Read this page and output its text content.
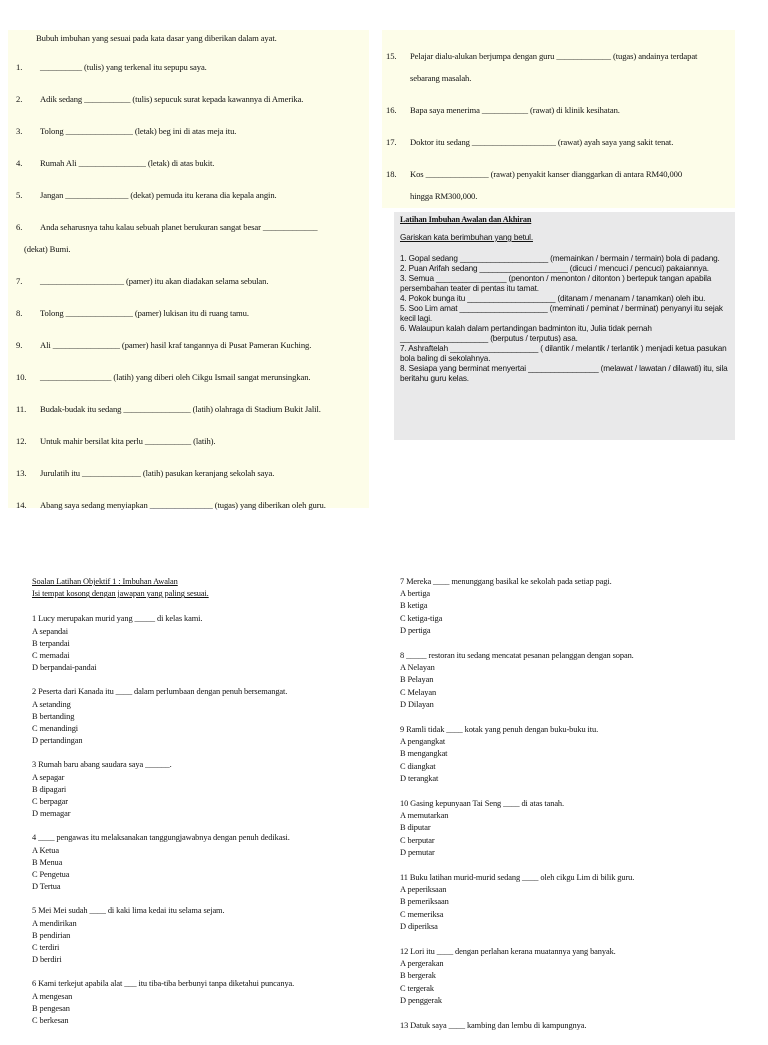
Bubuh imbuhan yang sesuai pada kata dasar yang diberikan dalam ayat.
1.	__________ (tulis) yang terkenal itu sepupu saya.
2.	Adik sedang ___________ (tulis) sepucuk surat kepada kawannya di Amerika.
3.	Tolong ________________ (letak) beg ini di atas meja itu.
4.	Rumah Ali ________________ (letak) di atas bukit.
5.	Jangan _______________ (dekat) pemuda itu kerana dia kepala angin.
6.	Anda seharusnya tahu kalau sebuah planet berukuran sangat besar _____________
(dekat) Bumi.
7.	____________________ (pamer) itu akan diadakan selama sebulan.
8.	Tolong ________________ (pamer) lukisan itu di ruang tamu.
9.	Ali ________________ (pamer) hasil kraf tangannya di Pusat Pameran Kuching.
10.	_________________ (latih) yang diberi oleh Cikgu Ismail sangat merunsingkan.
11.	Budak-budak itu sedang ________________ (latih) olahraga di Stadium Bukit Jalil.
12.	Untuk mahir bersilat kita perlu ___________ (latih).
13.	Jurulatih itu ______________ (latih) pasukan keranjang sekolah saya.
14.	Abang saya sedang menyiapkan _______________ (tugas) yang diberikan oleh guru.
15.	Pelajar dialu-alukan berjumpa dengan guru _____________ (tugas) andainya terdapat
sebarang masalah.
16.	Bapa saya menerima ___________ (rawat) di klinik kesihatan.
17.	Doktor itu sedang ____________________ (rawat) ayah saya yang sakit tenat.
18.	Kos _______________ (rawat) penyakit kanser dianggarkan di antara RM40,000
hingga RM300,000.
Latihan Imbuhan Awalan dan Akhiran
Gariskan kata berimbuhan yang betul.
1. Gopal sedang ____________________ (memainkan / bermain / termain) bola di padang.
2. Puan Arifah sedang ____________________ (dicuci / mencuci / pencuci) pakaiannya.
3. Semua ________________ (penonton / menonton / ditonton ) bertepuk tangan apabila persembahan teater di pentas itu tamat.
4. Pokok bunga itu ____________________ (ditanam / menanam / tanamkan) oleh ibu.
5. Soo Lim amat ____________________ (meminati / peminat / berminat) penyanyi itu sejak kecil lagi.
6. Walaupun kalah dalam pertandingan badminton itu, Julia tidak pernah ____________________ (berputus / terputus) asa.
7. Ashraftelah ____________________ ( dilantik / melantik / terlantik ) menjadi ketua pasukan bola baling di sekolahnya.
8. Sesiapa yang berminat menyertai ________________ (melawat / lawatan / dilawati) itu, sila beritahu guru kelas.
Soalan Latihan Objektif 1 : Imbuhan Awalan
Isi tempat kosong dengan jawapan yang paling sesuai.
1 Lucy merupakan murid yang _____ di kelas kami.
A sepandai
B terpandai
C memadai
D berpandai-pandai
2 Peserta dari Kanada itu ____ dalam perlumbaan dengan penuh bersemangat.
A setanding
B bertanding
C menandingi
D pertandingan
3 Rumah baru abang saudara saya ______.
A sepagar
B dipagari
C berpagar
D memagar
4 ____ pengawas itu melaksanakan tanggungjawabnya dengan penuh dedikasi.
A Ketua
B Menua
C Pengetua
D Tertua
5 Mei Mei sudah ____ di kaki lima kedai itu selama sejam.
A mendirikan
B pendirian
C terdiri
D berdiri
6 Kami terkejut apabila alat ___ itu tiba-tiba berbunyi tanpa diketahui puncanya.
A mengesan
B pengesan
C berkesan
7 Mereka ____ menunggang basikal ke sekolah pada setiap pagi.
A bertiga
B ketiga
C ketiga-tiga
D pertiga
8 _____ restoran itu sedang mencatat pesanan pelanggan dengan sopan.
A Nelayan
B Pelayan
C Melayan
D Dilayan
9 Ramli tidak ____ kotak yang penuh dengan buku-buku itu.
A pengangkat
B mengangkat
C diangkat
D terangkat
10 Gasing kepunyaan Tai Seng ____ di atas tanah.
A memutarkan
B diputar
C berputar
D pemutar
11 Buku latihan murid-murid sedang ____ oleh cikgu Lim di bilik guru.
A peperiksaan
B pemeriksaan
C memeriksa
D diperiksa
12 Lori itu ____ dengan perlahan kerana muatannya yang banyak.
A pergerakan
B bergerak
C tergerak
D penggerak
13 Datuk saya ____ kambing dan lembu di kampungnya.
